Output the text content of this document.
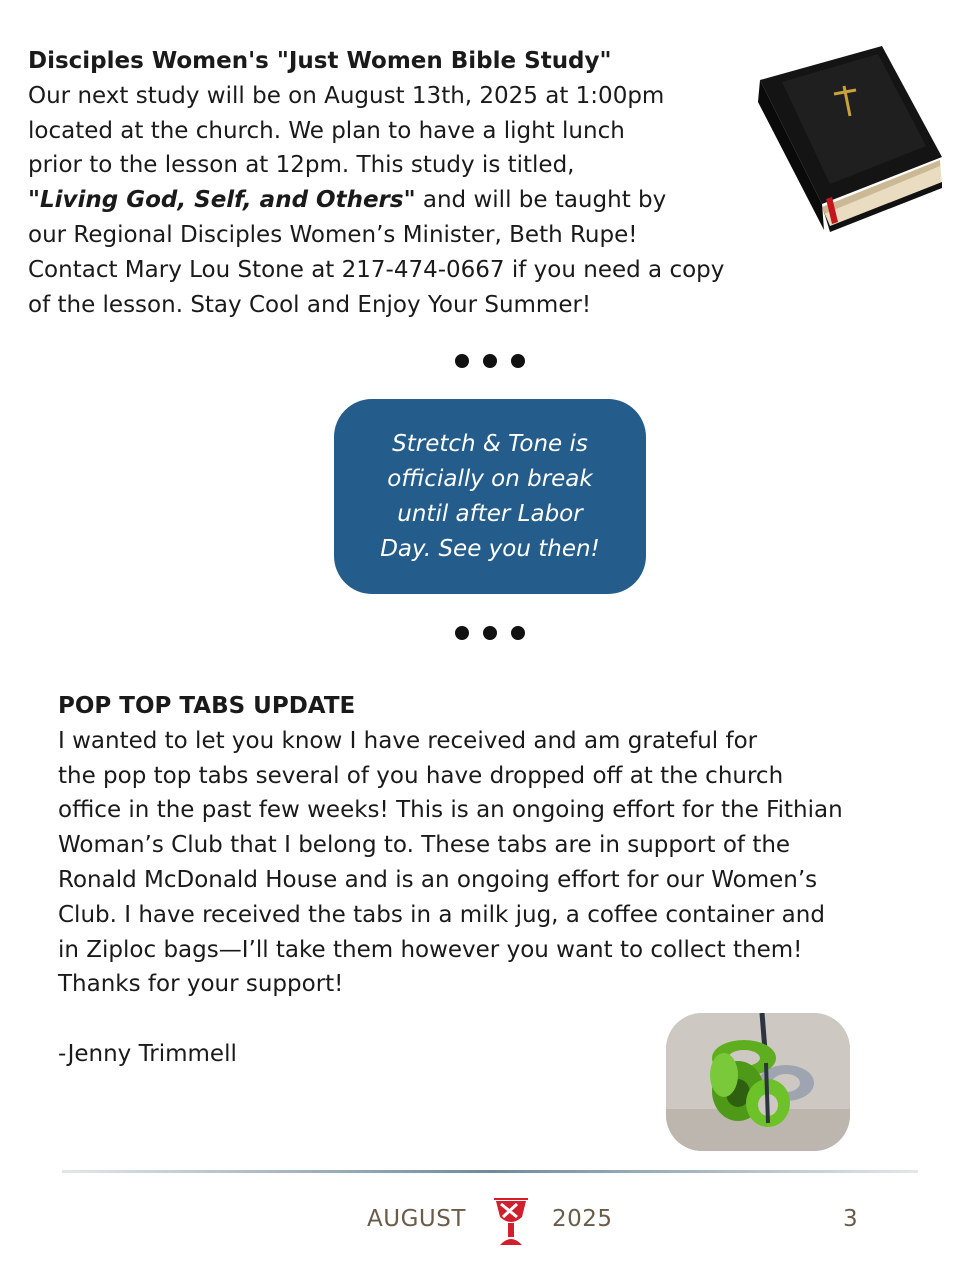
Disciples Women's "Just Women Bible Study"
Our next study will be on August 13th, 2025 at 1:00pm
located at the church. We plan to have a light lunch
prior to the lesson at 12pm. This study is titled,
"Living God, Self, and Others" and will be taught by
our Regional Disciples Women’s Minister, Beth Rupe!
Contact Mary Lou Stone at 217-474-0667 if you need a copy
of the lesson. Stay Cool and Enjoy Your Summer!
Stretch & Tone is
officially on break
until after Labor
Day. See you then!
POP TOP TABS UPDATE
I wanted to let you know I have received and am grateful for
the pop top tabs several of you have dropped off at the church
office in the past few weeks! This is an ongoing effort for the Fithian
Woman’s Club that I belong to. These tabs are in support of the
Ronald McDonald House and is an ongoing effort for our Women’s
Club. I have received the tabs in a milk jug, a coffee container and
in Ziploc bags—I’ll take them however you want to collect them!
Thanks for your support!
-Jenny Trimmell
AUGUST	2025	3
